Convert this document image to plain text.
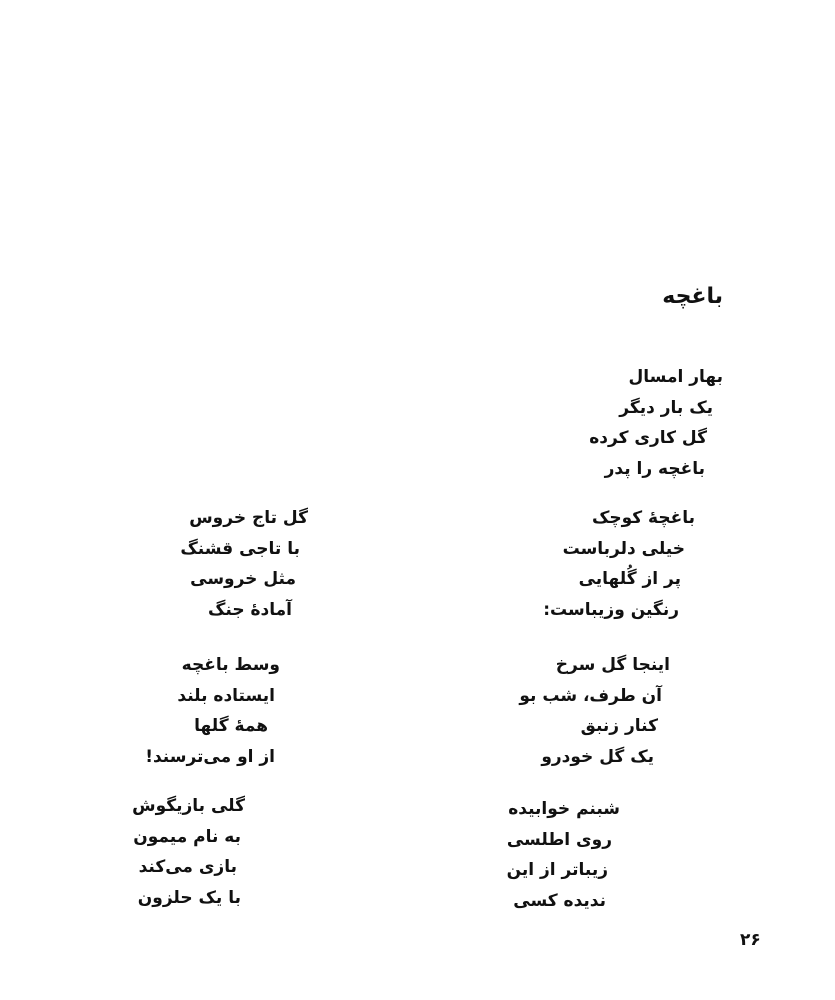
باغچه
بهار امسال
یک بار دیگر
گل کاری کرده
باغچه را پدر
باغچهٔ کوچک
خیلی دلرباست
پر از گُلهایی
رنگین وزیباست:
اینجا گل سرخ
آن طرف، شب بو
کنار زنبق
یک گل خودرو
شبنم خوابیده
روی اطلسی
زیباتر از این
ندیده کسی
گل تاج خروس
با تاجی قشنگ
مثل خروسی
آمادهٔ جنگ
وسط باغچه
ایستاده بلند
همهٔ گلها
از او می‌ترسند!
گلی بازیگوش
به نام میمون
بازی می‌کند
با یک حلزون
۲۶
